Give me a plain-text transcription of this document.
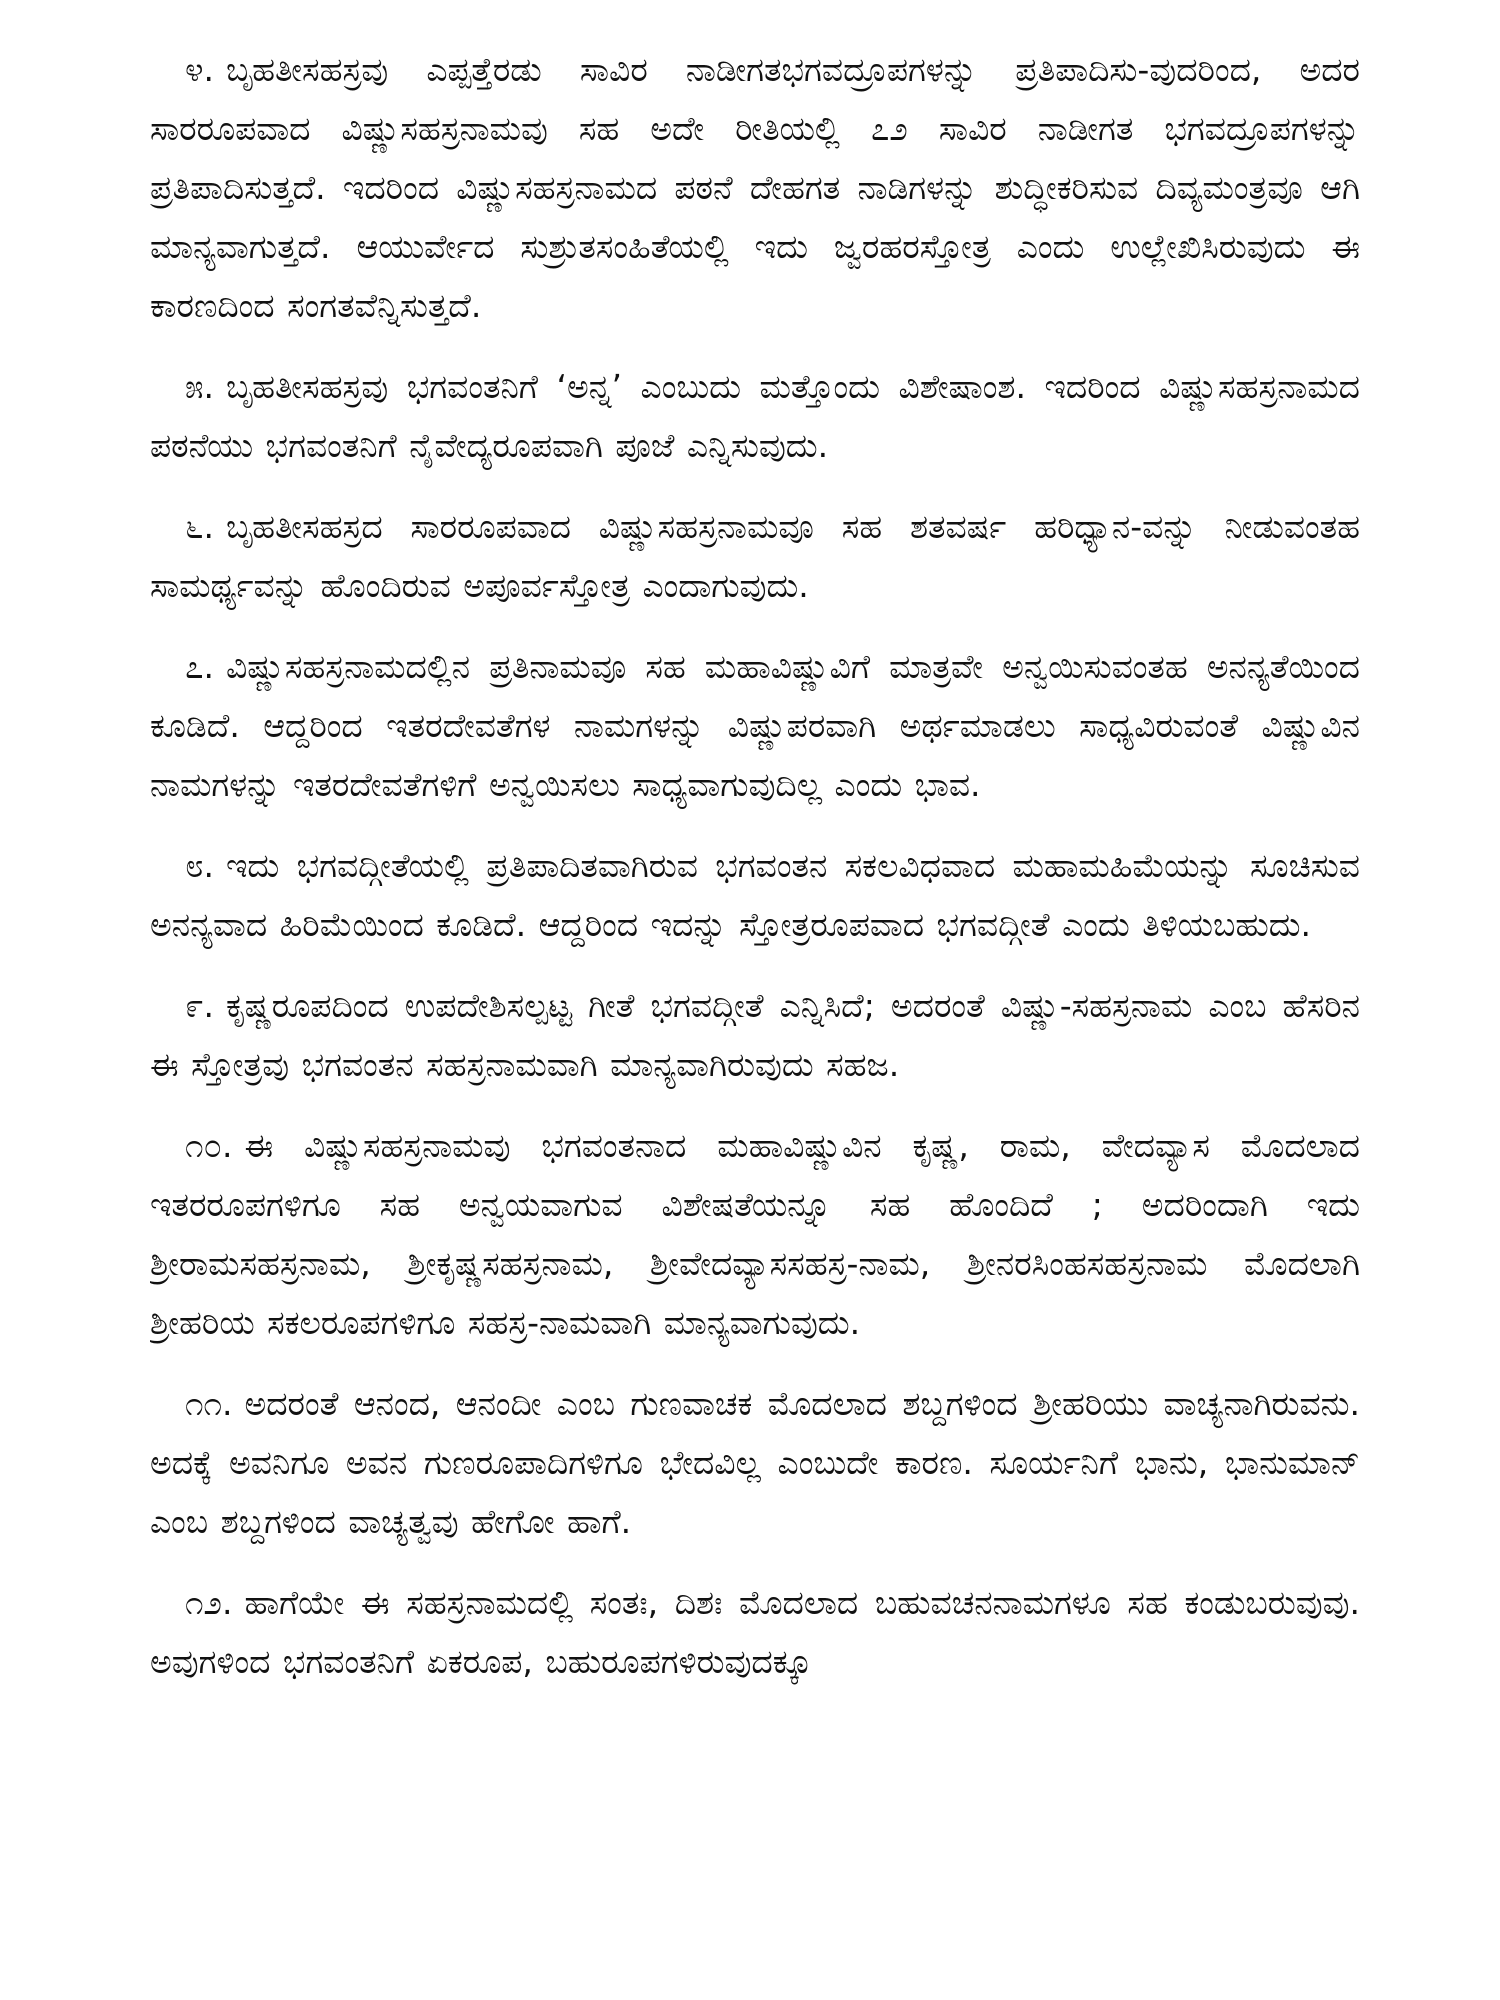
೪. ಬೃಹತೀಸಹಸ್ರವು ಎಪ್ಪತ್ತೆರಡು ಸಾವಿರ ನಾಡೀಗತಭಗವದ್ರೂಪಗಳನ್ನು ಪ್ರತಿಪಾದಿಸು-ವುದರಿಂದ, ಅದರ ಸಾರರೂಪವಾದ ವಿಷ್ಣುಸಹಸ್ರನಾಮವು ಸಹ ಅದೇ ರೀತಿಯಲ್ಲಿ ೭೨ ಸಾವಿರ ನಾಡೀಗತ ಭಗವದ್ರೂಪಗಳನ್ನು ಪ್ರತಿಪಾದಿಸುತ್ತದೆ. ಇದರಿಂದ ವಿಷ್ಣುಸಹಸ್ರನಾಮದ ಪಠನೆ ದೇಹಗತ ನಾಡಿಗಳನ್ನು ಶುದ್ಧೀಕರಿಸುವ ದಿವ್ಯಮಂತ್ರವೂ ಆಗಿ ಮಾನ್ಯವಾಗುತ್ತದೆ. ಆಯುರ್ವೇದ ಸುಶ್ರುತಸಂಹಿತೆಯಲ್ಲಿ ಇದು ಜ್ವರಹರಸ್ತೋತ್ರ ಎಂದು ಉಲ್ಲೇಖಿಸಿರುವುದು ಈ ಕಾರಣದಿಂದ ಸಂಗತವೆನ್ನಿಸುತ್ತದೆ.

೫. ಬೃಹತೀಸಹಸ್ರವು ಭಗವಂತನಿಗೆ ‘ಅನ್ನ’ ಎಂಬುದು ಮತ್ತೊಂದು ವಿಶೇಷಾಂಶ. ಇದರಿಂದ ವಿಷ್ಣುಸಹಸ್ರನಾಮದ ಪಠನೆಯು ಭಗವಂತನಿಗೆ ನೈವೇದ್ಯರೂಪವಾಗಿ ಪೂಜೆ ಎನ್ನಿಸುವುದು.

೬. ಬೃಹತೀಸಹಸ್ರದ ಸಾರರೂಪವಾದ ವಿಷ್ಣುಸಹಸ್ರನಾಮವೂ ಸಹ ಶತವರ್ಷ ಹರಿಧ್ಯಾನ-ವನ್ನು ನೀಡುವಂತಹ ಸಾಮರ್ಥ್ಯವನ್ನು ಹೊಂದಿರುವ ಅಪೂರ್ವಸ್ತೋತ್ರ ಎಂದಾಗುವುದು.

೭. ವಿಷ್ಣುಸಹಸ್ರನಾಮದಲ್ಲಿನ ಪ್ರತಿನಾಮವೂ ಸಹ ಮಹಾವಿಷ್ಣುವಿಗೆ ಮಾತ್ರವೇ ಅನ್ವಯಿಸುವಂತಹ ಅನನ್ಯತೆಯಿಂದ ಕೂಡಿದೆ. ಆದ್ದರಿಂದ ಇತರದೇವತೆಗಳ ನಾಮಗಳನ್ನು ವಿಷ್ಣುಪರವಾಗಿ ಅರ್ಥಮಾಡಲು ಸಾಧ್ಯವಿರುವಂತೆ ವಿಷ್ಣುವಿನ ನಾಮಗಳನ್ನು ಇತರದೇವತೆಗಳಿಗೆ ಅನ್ವಯಿಸಲು ಸಾಧ್ಯವಾಗುವುದಿಲ್ಲ ಎಂದು ಭಾವ.

೮. ಇದು ಭಗವದ್ಗೀತೆಯಲ್ಲಿ ಪ್ರತಿಪಾದಿತವಾಗಿರುವ ಭಗವಂತನ ಸಕಲವಿಧವಾದ ಮಹಾಮಹಿಮೆಯನ್ನು ಸೂಚಿಸುವ ಅನನ್ಯವಾದ ಹಿರಿಮೆಯಿಂದ ಕೂಡಿದೆ. ಆದ್ದರಿಂದ ಇದನ್ನು ಸ್ತೋತ್ರರೂಪವಾದ ಭಗವದ್ಗೀತೆ ಎಂದು ತಿಳಿಯಬಹುದು.

೯. ಕೃಷ್ಣರೂಪದಿಂದ ಉಪದೇಶಿಸಲ್ಪಟ್ಟ ಗೀತೆ ಭಗವದ್ಗೀತೆ ಎನ್ನಿಸಿದೆ; ಅದರಂತೆ ವಿಷ್ಣು-ಸಹಸ್ರನಾಮ ಎಂಬ ಹೆಸರಿನ ಈ ಸ್ತೋತ್ರವು ಭಗವಂತನ ಸಹಸ್ರನಾಮವಾಗಿ ಮಾನ್ಯವಾಗಿರುವುದು ಸಹಜ.

೧೦. ಈ ವಿಷ್ಣುಸಹಸ್ರನಾಮವು ಭಗವಂತನಾದ ಮಹಾವಿಷ್ಣುವಿನ ಕೃಷ್ಣ, ರಾಮ, ವೇದವ್ಯಾಸ ಮೊದಲಾದ ಇತರರೂಪಗಳಿಗೂ ಸಹ ಅನ್ವಯವಾಗುವ ವಿಶೇಷತೆಯನ್ನೂ ಸಹ ಹೊಂದಿದೆ ; ಅದರಿಂದಾಗಿ ಇದು ಶ್ರೀರಾಮಸಹಸ್ರನಾಮ, ಶ್ರೀಕೃಷ್ಣಸಹಸ್ರನಾಮ, ಶ್ರೀವೇದವ್ಯಾಸಸಹಸ್ರ-ನಾಮ, ಶ್ರೀನರಸಿಂಹಸಹಸ್ರನಾಮ ಮೊದಲಾಗಿ ಶ್ರೀಹರಿಯ ಸಕಲರೂಪಗಳಿಗೂ ಸಹಸ್ರ-ನಾಮವಾಗಿ ಮಾನ್ಯವಾಗುವುದು.

೧೧. ಅದರಂತೆ ಆನಂದ, ಆನಂದೀ ಎಂಬ ಗುಣವಾಚಕ ಮೊದಲಾದ ಶಬ್ದಗಳಿಂದ ಶ್ರೀಹರಿಯು ವಾಚ್ಯನಾಗಿರುವನು. ಅದಕ್ಕೆ ಅವನಿಗೂ ಅವನ ಗುಣರೂಪಾದಿಗಳಿಗೂ ಭೇದವಿಲ್ಲ ಎಂಬುದೇ ಕಾರಣ. ಸೂರ್ಯನಿಗೆ ಭಾನು, ಭಾನುಮಾನ್ ಎಂಬ ಶಬ್ದಗಳಿಂದ ವಾಚ್ಯತ್ವವು ಹೇಗೋ ಹಾಗೆ.

೧೨. ಹಾಗೆಯೇ ಈ ಸಹಸ್ರನಾಮದಲ್ಲಿ ಸಂತಃ, ದಿಶಃ ಮೊದಲಾದ ಬಹುವಚನನಾಮಗಳೂ ಸಹ ಕಂಡುಬರುವುವು. ಅವುಗಳಿಂದ ಭಗವಂತನಿಗೆ ಏಕರೂಪ, ಬಹುರೂಪಗಳಿರುವುದಕ್ಕೂ
